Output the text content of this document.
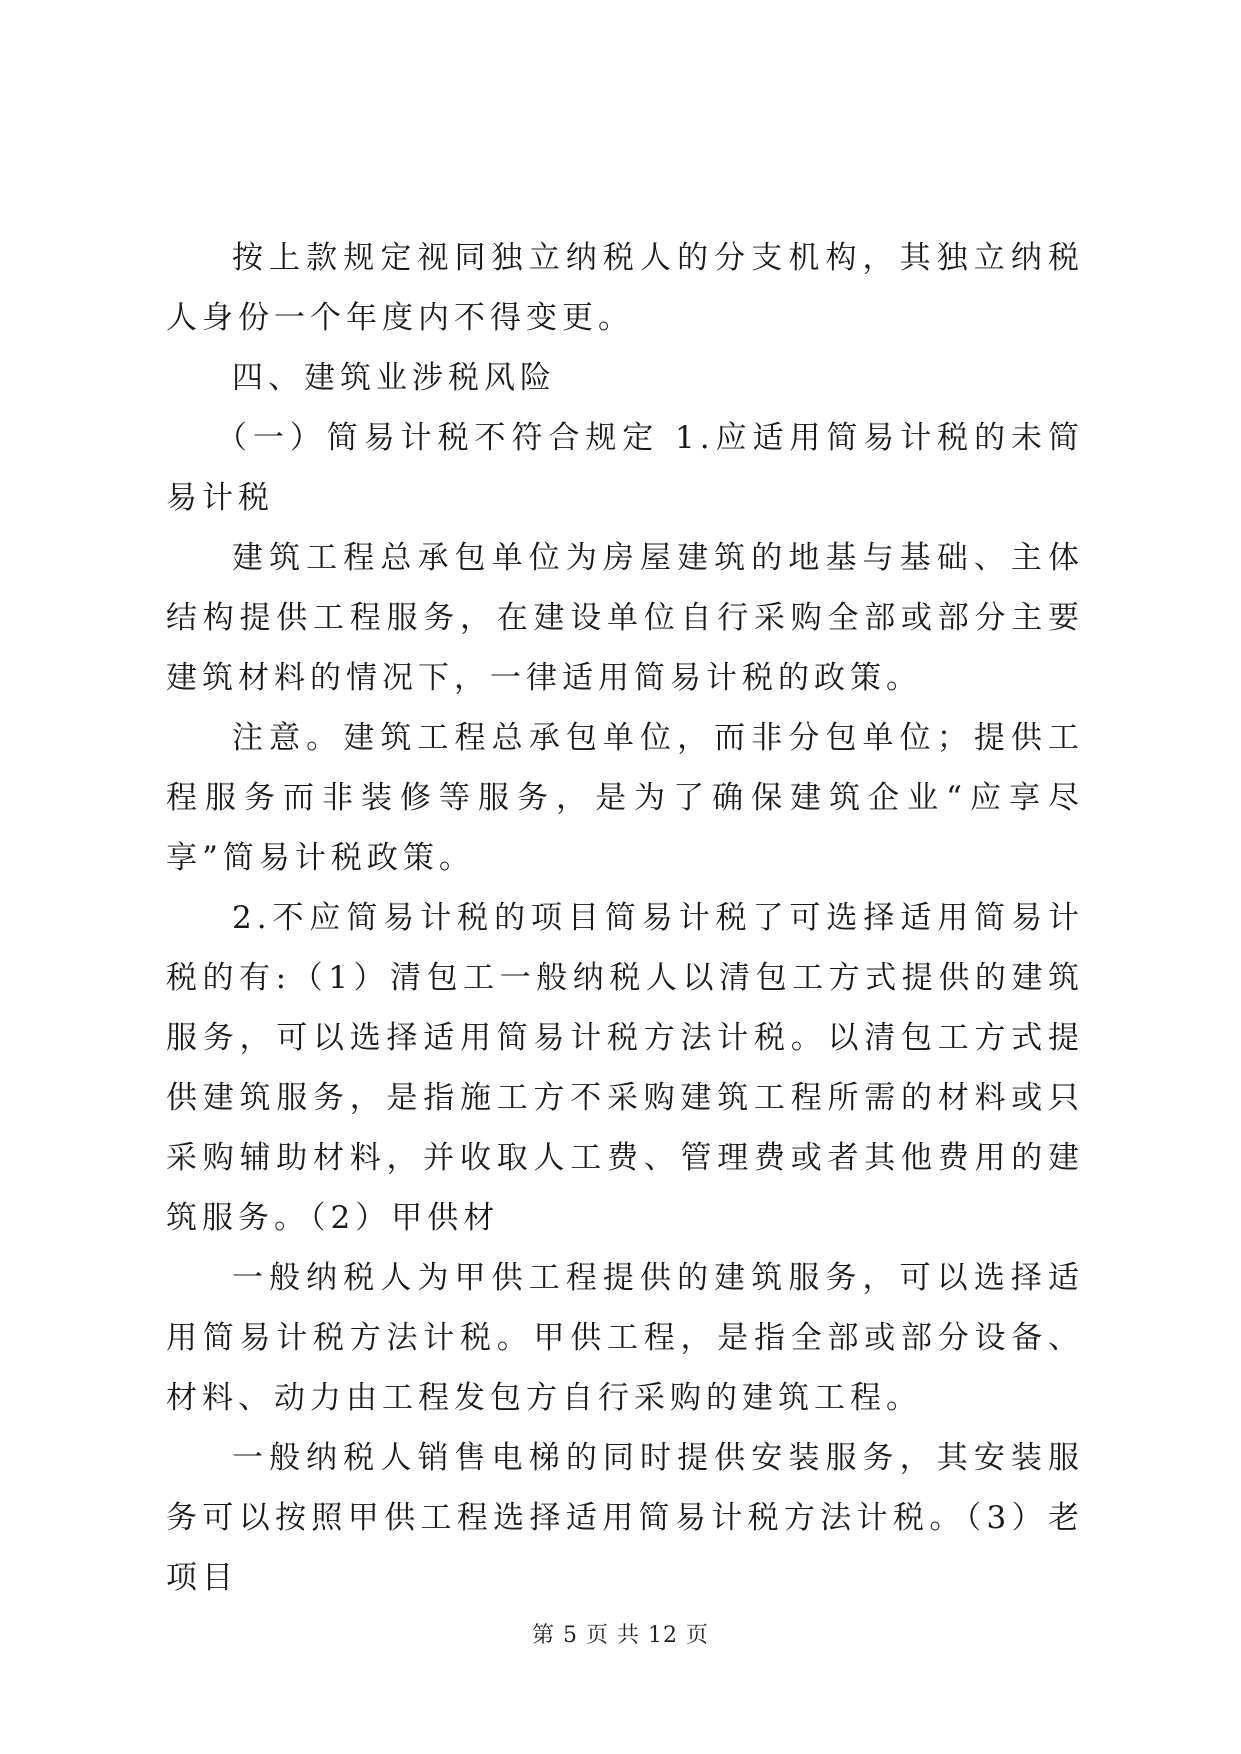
按上款规定视同独立纳税人的分支机构，其独立纳税人身份一个年度内不得变更。

四、建筑业涉税风险

（一）简易计税不符合规定 1.应适用简易计税的未简易计税

建筑工程总承包单位为房屋建筑的地基与基础、主体结构提供工程服务，在建设单位自行采购全部或部分主要建筑材料的情况下，一律适用简易计税的政策。

注意。建筑工程总承包单位，而非分包单位；提供工程服务而非装修等服务，是为了确保建筑企业“应享尽享”简易计税政策。

2.不应简易计税的项目简易计税了可选择适用简易计税的有:（1）清包工一般纳税人以清包工方式提供的建筑服务，可以选择适用简易计税方法计税。以清包工方式提供建筑服务，是指施工方不采购建筑工程所需的材料或只采购辅助材料，并收取人工费、管理费或者其他费用的建筑服务。（2）甲供材

一般纳税人为甲供工程提供的建筑服务，可以选择适用简易计税方法计税。甲供工程，是指全部或部分设备、材料、动力由工程发包方自行采购的建筑工程。

一般纳税人销售电梯的同时提供安装服务，其安装服务可以按照甲供工程选择适用简易计税方法计税。（3）老项目

第 5 页 共 12 页
